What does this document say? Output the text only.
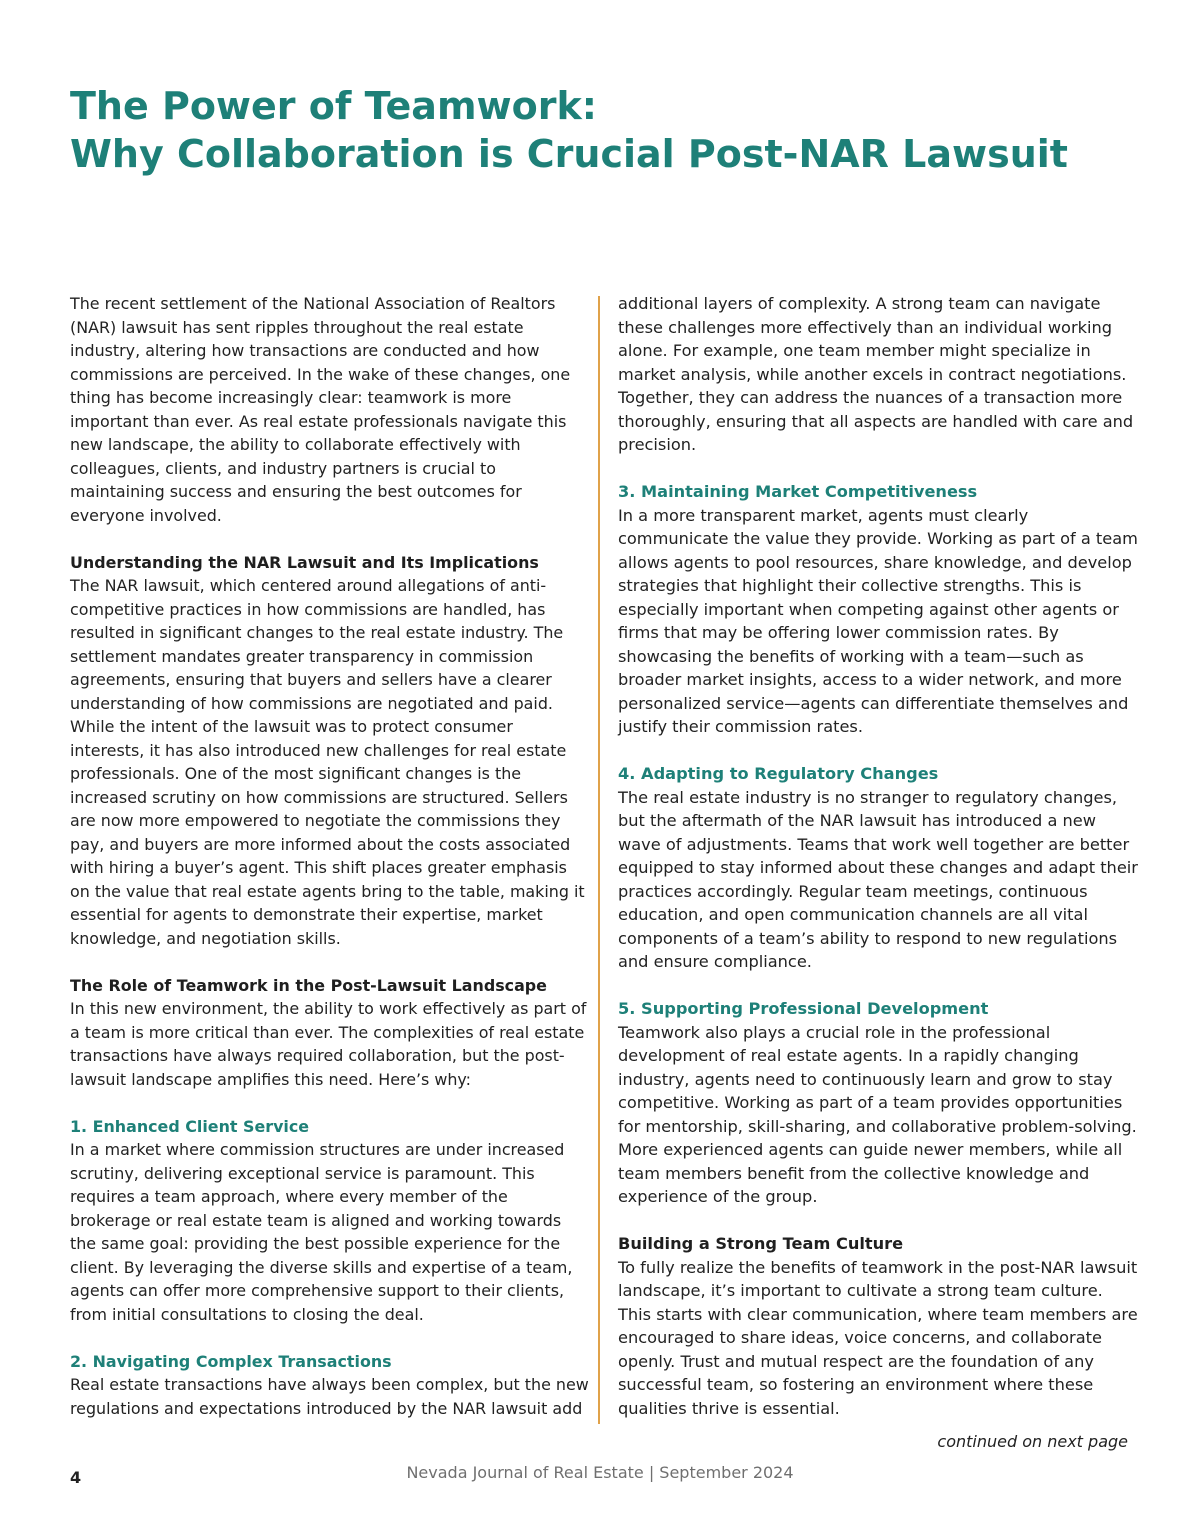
The Power of Teamwork:
Why Collaboration is Crucial Post-NAR Lawsuit

The recent settlement of the National Association of Realtors (NAR) lawsuit has sent ripples throughout the real estate industry, altering how transactions are conducted and how commissions are perceived. In the wake of these changes, one thing has become increasingly clear: teamwork is more important than ever. As real estate professionals navigate this new landscape, the ability to collaborate effectively with colleagues, clients, and industry partners is crucial to maintaining success and ensuring the best outcomes for everyone involved.

Understanding the NAR Lawsuit and Its Implications

The NAR lawsuit, which centered around allegations of anti-competitive practices in how commissions are handled, has resulted in significant changes to the real estate industry. The settlement mandates greater transparency in commission agreements, ensuring that buyers and sellers have a clearer understanding of how commissions are negotiated and paid. While the intent of the lawsuit was to protect consumer interests, it has also introduced new challenges for real estate professionals. One of the most significant changes is the increased scrutiny on how commissions are structured. Sellers are now more empowered to negotiate the commissions they pay, and buyers are more informed about the costs associated with hiring a buyer’s agent. This shift places greater emphasis on the value that real estate agents bring to the table, making it essential for agents to demonstrate their expertise, market knowledge, and negotiation skills.

The Role of Teamwork in the Post-Lawsuit Landscape

In this new environment, the ability to work effectively as part of a team is more critical than ever. The complexities of real estate transactions have always required collaboration, but the post-lawsuit landscape amplifies this need. Here’s why:

1. Enhanced Client Service

In a market where commission structures are under increased scrutiny, delivering exceptional service is paramount. This requires a team approach, where every member of the brokerage or real estate team is aligned and working towards the same goal: providing the best possible experience for the client. By leveraging the diverse skills and expertise of a team, agents can offer more comprehensive support to their clients, from initial consultations to closing the deal.

2. Navigating Complex Transactions

Real estate transactions have always been complex, but the new regulations and expectations introduced by the NAR lawsuit add

additional layers of complexity. A strong team can navigate these challenges more effectively than an individual working alone. For example, one team member might specialize in market analysis, while another excels in contract negotiations. Together, they can address the nuances of a transaction more thoroughly, ensuring that all aspects are handled with care and precision.

3. Maintaining Market Competitiveness

In a more transparent market, agents must clearly communicate the value they provide. Working as part of a team allows agents to pool resources, share knowledge, and develop strategies that highlight their collective strengths. This is especially important when competing against other agents or firms that may be offering lower commission rates. By showcasing the benefits of working with a team—such as broader market insights, access to a wider network, and more personalized service—agents can differentiate themselves and justify their commission rates.

4. Adapting to Regulatory Changes

The real estate industry is no stranger to regulatory changes, but the aftermath of the NAR lawsuit has introduced a new wave of adjustments. Teams that work well together are better equipped to stay informed about these changes and adapt their practices accordingly. Regular team meetings, continuous education, and open communication channels are all vital components of a team’s ability to respond to new regulations and ensure compliance.

5. Supporting Professional Development

Teamwork also plays a crucial role in the professional development of real estate agents. In a rapidly changing industry, agents need to continuously learn and grow to stay competitive. Working as part of a team provides opportunities for mentorship, skill-sharing, and collaborative problem-solving. More experienced agents can guide newer members, while all team members benefit from the collective knowledge and experience of the group.

Building a Strong Team Culture

To fully realize the benefits of teamwork in the post-NAR lawsuit landscape, it’s important to cultivate a strong team culture. This starts with clear communication, where team members are encouraged to share ideas, voice concerns, and collaborate openly. Trust and mutual respect are the foundation of any successful team, so fostering an environment where these qualities thrive is essential.

continued on next page

4	Nevada Journal of Real Estate | September 2024
